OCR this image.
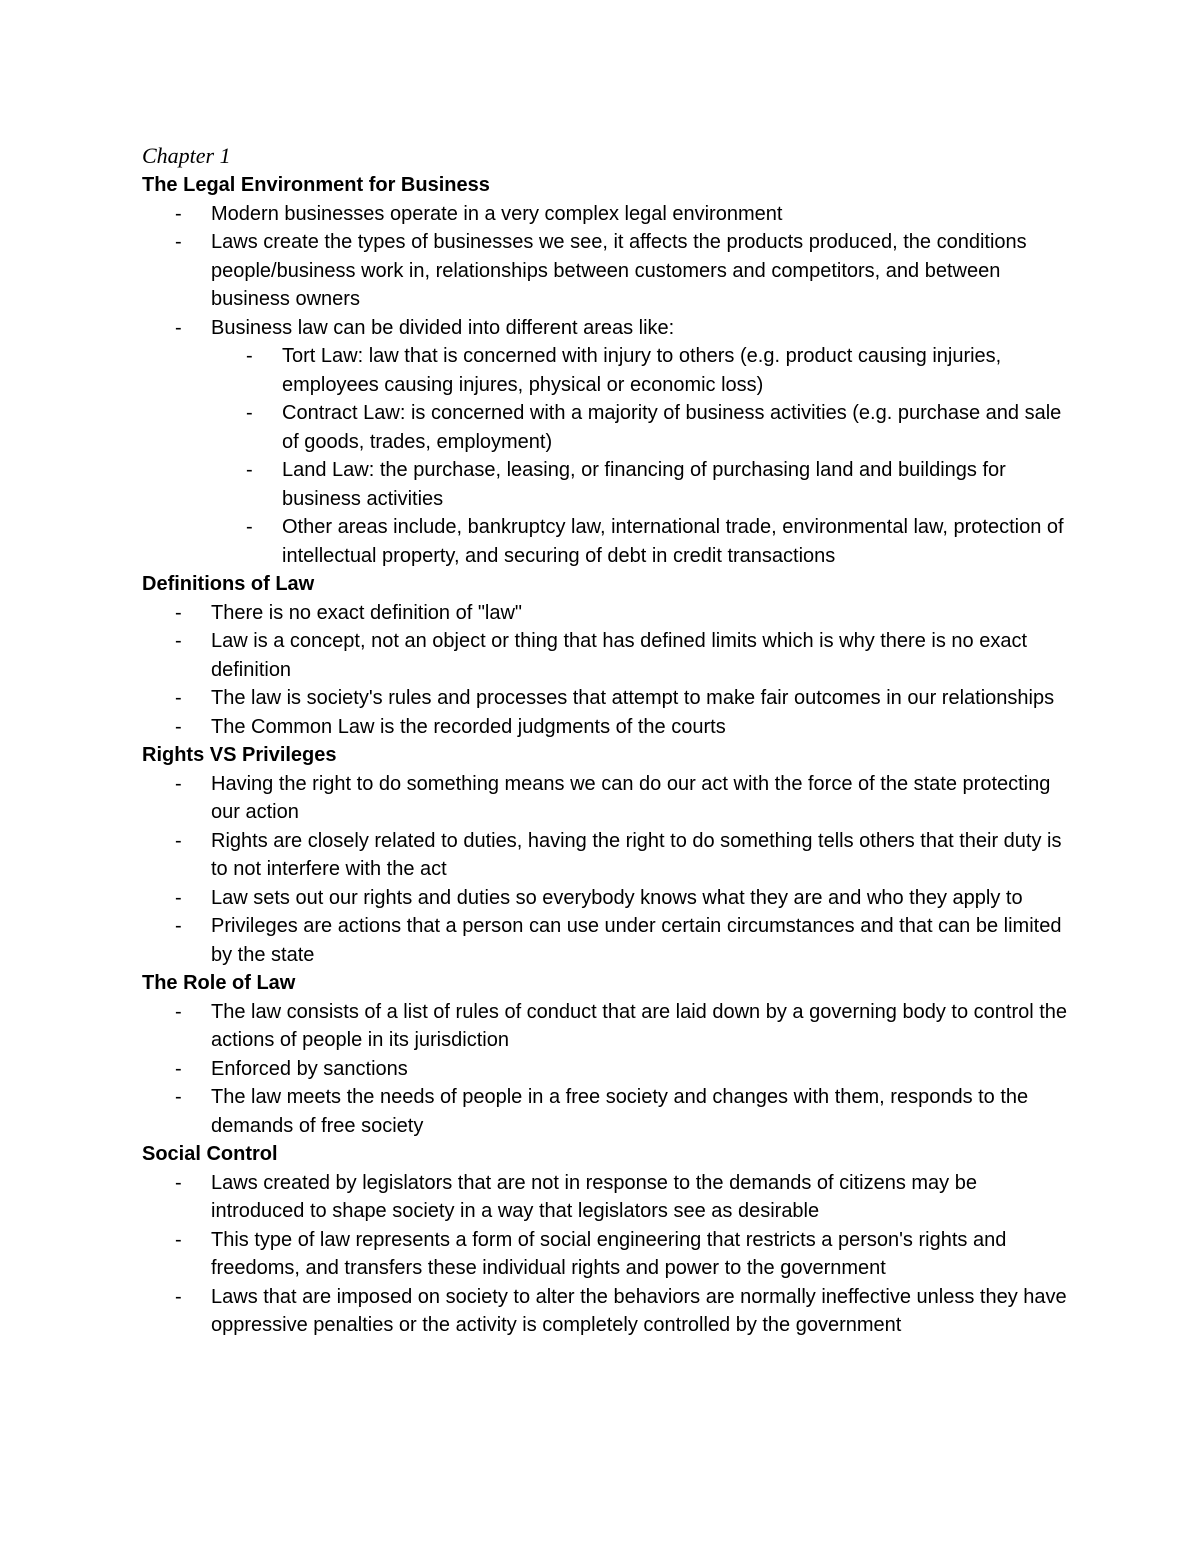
Chapter 1
The Legal Environment for Business
- Modern businesses operate in a very complex legal environment
- Laws create the types of businesses we see, it affects the products produced, the conditions people/business work in, relationships between customers and competitors, and between business owners
- Business law can be divided into different areas like:
- Tort Law: law that is concerned with injury to others (e.g. product causing injuries, employees causing injures, physical or economic loss)
- Contract Law: is concerned with a majority of business activities (e.g. purchase and sale of goods, trades, employment)
- Land Law: the purchase, leasing, or financing of purchasing land and buildings for business activities
- Other areas include, bankruptcy law, international trade, environmental law, protection of intellectual property, and securing of debt in credit transactions
Definitions of Law
- There is no exact definition of "law"
- Law is a concept, not an object or thing that has defined limits which is why there is no exact definition
- The law is society's rules and processes that attempt to make fair outcomes in our relationships
- The Common Law is the recorded judgments of the courts
Rights VS Privileges
- Having the right to do something means we can do our act with the force of the state protecting our action
- Rights are closely related to duties, having the right to do something tells others that their duty is to not interfere with the act
- Law sets out our rights and duties so everybody knows what they are and who they apply to
- Privileges are actions that a person can use under certain circumstances and that can be limited by the state
The Role of Law
- The law consists of a list of rules of conduct that are laid down by a governing body to control the actions of people in its jurisdiction
- Enforced by sanctions
- The law meets the needs of people in a free society and changes with them, responds to the demands of free society
Social Control
- Laws created by legislators that are not in response to the demands of citizens may be introduced to shape society in a way that legislators see as desirable
- This type of law represents a form of social engineering that restricts a person's rights and freedoms, and transfers these individual rights and power to the government
- Laws that are imposed on society to alter the behaviors are normally ineffective unless they have oppressive penalties or the activity is completely controlled by the government
